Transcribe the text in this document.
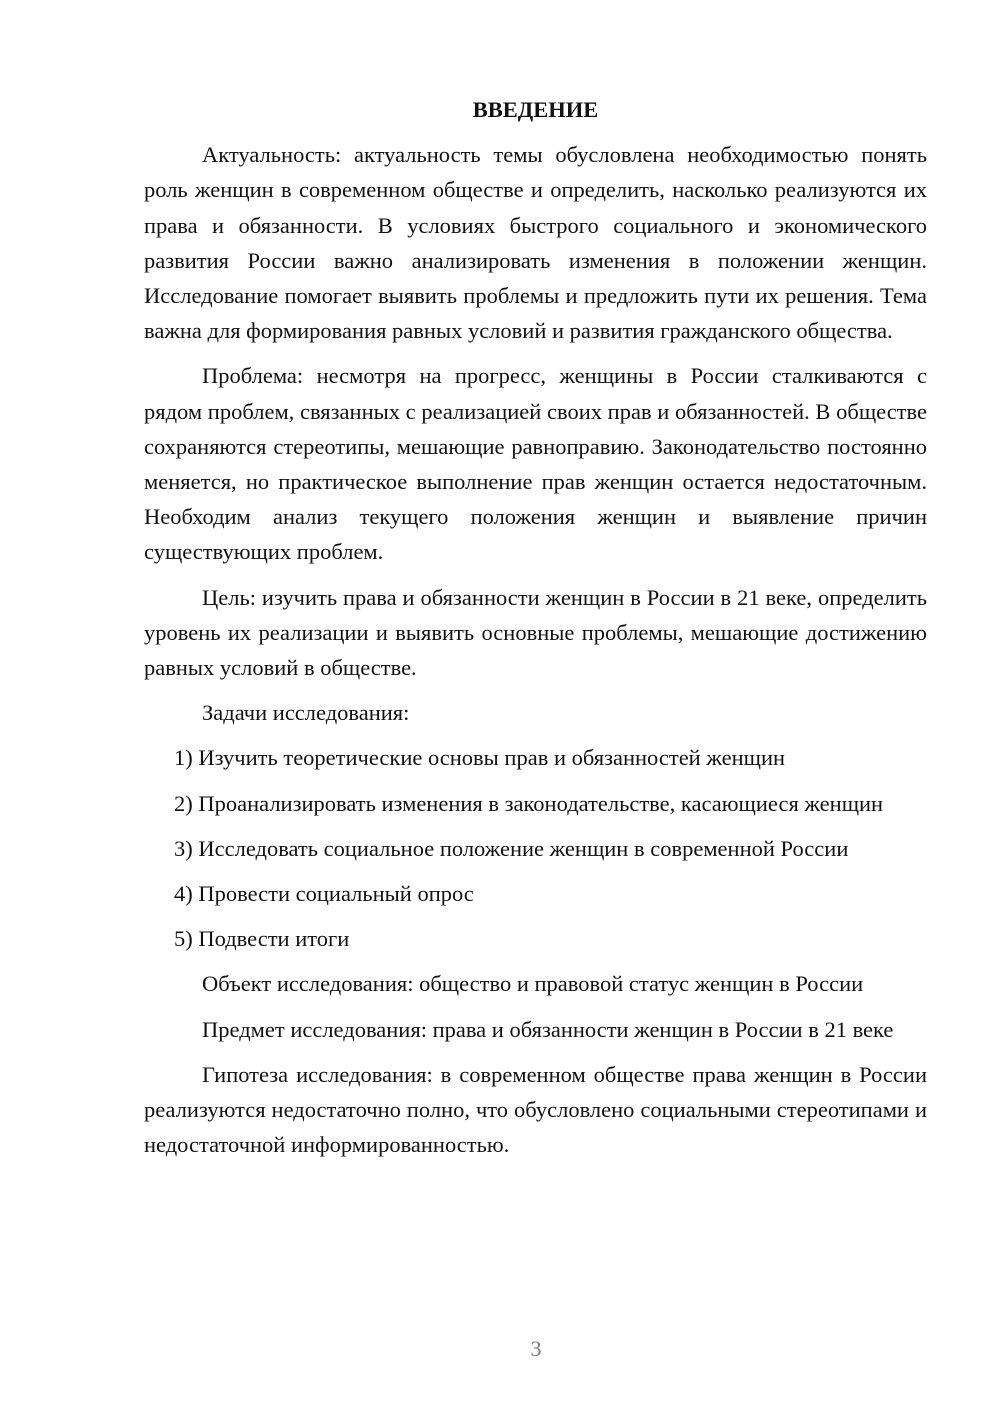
ВВЕДЕНИЕ

Актуальность: актуальность темы обусловлена необходимостью понять роль женщин в современном обществе и определить, насколько реализуются их права и обязанности. В условиях быстрого социального и экономического развития России важно анализировать изменения в положении женщин. Исследование помогает выявить проблемы и предложить пути их решения. Тема важна для формирования равных условий и развития гражданского общества.

Проблема: несмотря на прогресс, женщины в России сталкиваются с рядом проблем, связанных с реализацией своих прав и обязанностей. В обществе сохраняются стереотипы, мешающие равноправию. Законодательство постоянно меняется, но практическое выполнение прав женщин остается недостаточным. Необходим анализ текущего положения женщин и выявление причин существующих проблем.

Цель: изучить права и обязанности женщин в России в 21 веке, определить уровень их реализации и выявить основные проблемы, мешающие достижению равных условий в обществе.

Задачи исследования:

1) Изучить теоретические основы прав и обязанностей женщин

2) Проанализировать изменения в законодательстве, касающиеся женщин

3) Исследовать социальное положение женщин в современной России

4) Провести социальный опрос

5) Подвести итоги

Объект исследования: общество и правовой статус женщин в России

Предмет исследования: права и обязанности женщин в России в 21 веке

Гипотеза исследования: в современном обществе права женщин в России реализуются недостаточно полно, что обусловлено социальными стереотипами и недостаточной информированностью.

3
